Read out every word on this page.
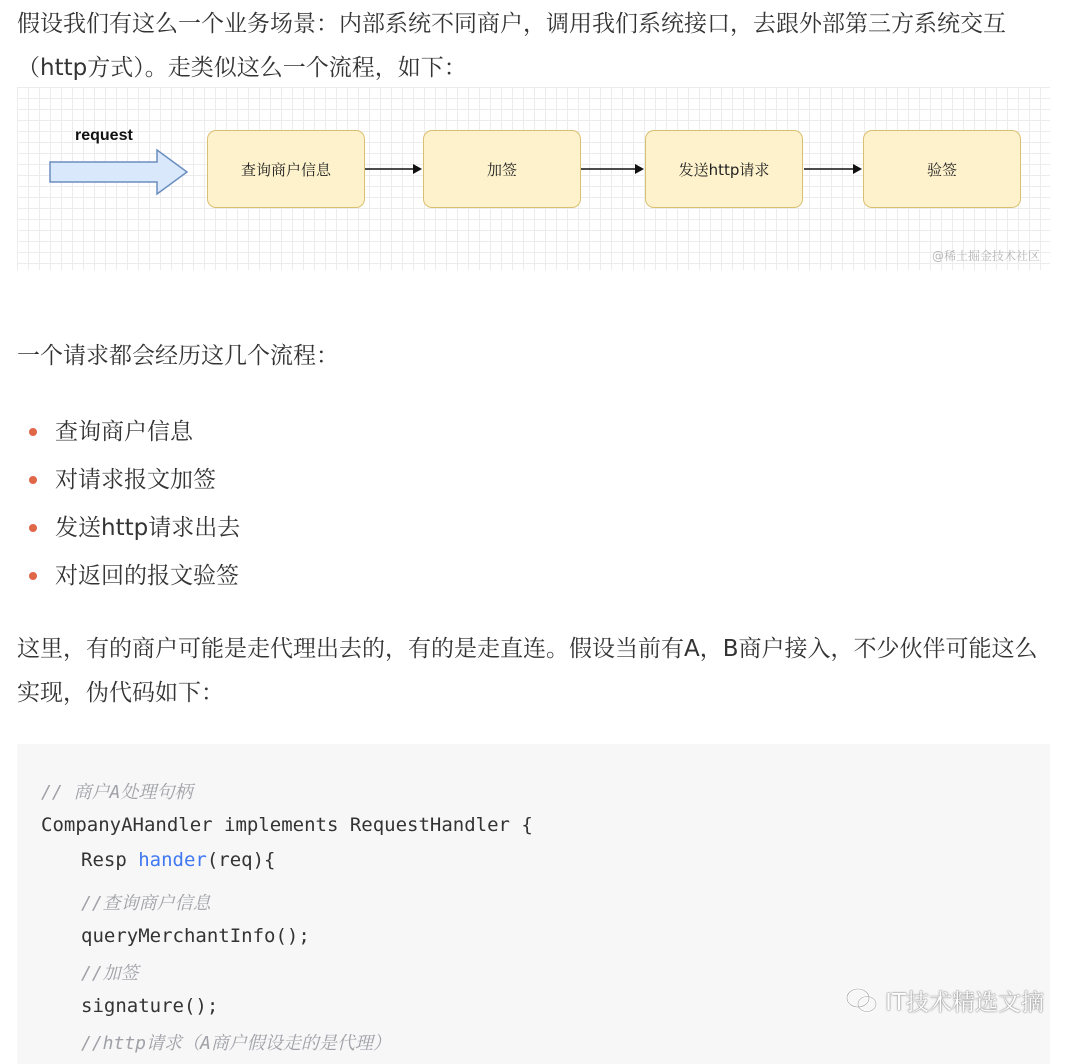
假设我们有这么一个业务场景：内部系统不同商户，调用我们系统接口，去跟外部第三方系统交互（http方式）。走类似这么一个流程，如下：

request
查询商户信息	加签	发送http请求	验签
@稀土掘金技术社区

一个请求都会经历这几个流程：

查询商户信息
对请求报文加签
发送http请求出去
对返回的报文验签

这里，有的商户可能是走代理出去的，有的是走直连。假设当前有A，B商户接入，不少伙伴可能这么实现，伪代码如下：

// 商户A处理句柄
CompanyAHandler implements RequestHandler {
Resp hander(req){
//查询商户信息
queryMerchantInfo();
//加签
signature();
//http请求（A商户假设走的是代理）
IT技术精选文摘
